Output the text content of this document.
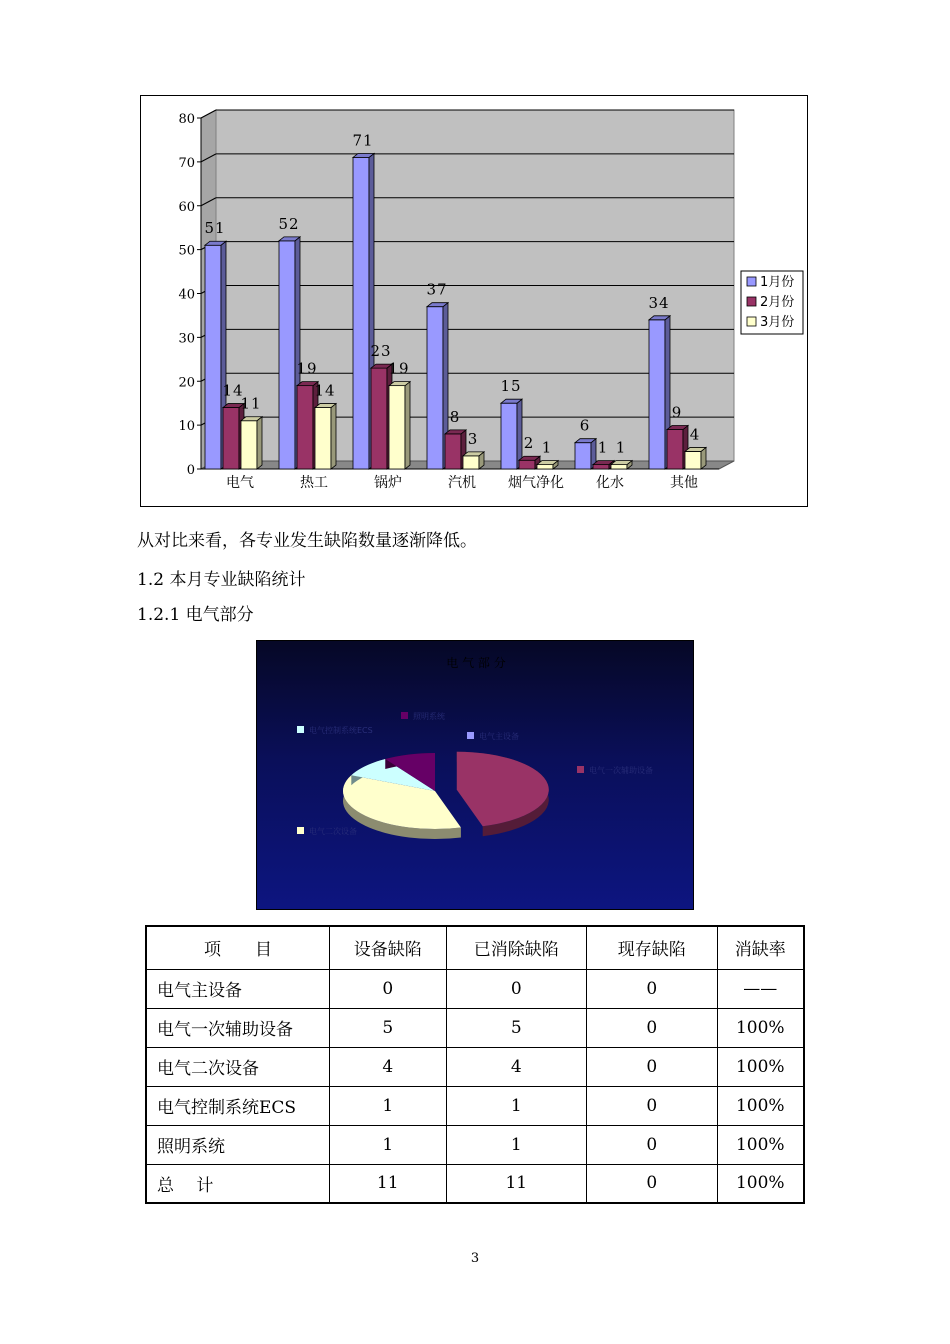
0
10
20
30
40
50
60
70
80
51
14
11
电气
52
19
14
热工
71
23
19
锅炉
37
8
3
汽机
15
2 1
烟气净化
6
1 1
化水
34
9
4
其他
1月份
2月份
3月份
从对比来看，各专业发生缺陷数量逐渐降低。
1.2 本月专业缺陷统计
1.2.1 电气部分
电 气 部 分
电气一次辅助设备
电气二次设备
电气控制系统ECS
照明系统
电气主设备
项　　目	设备缺陷	已消除缺陷	现存缺陷	消缺率
电气主设备	0	0	0	——
电气一次辅助设备	5	5	0	100%
电气二次设备	4	4	0	100%
电气控制系统ECS	1	1	0	100%
照明系统	1	1	0	100%
总　 计	11	11	0	100%
3
